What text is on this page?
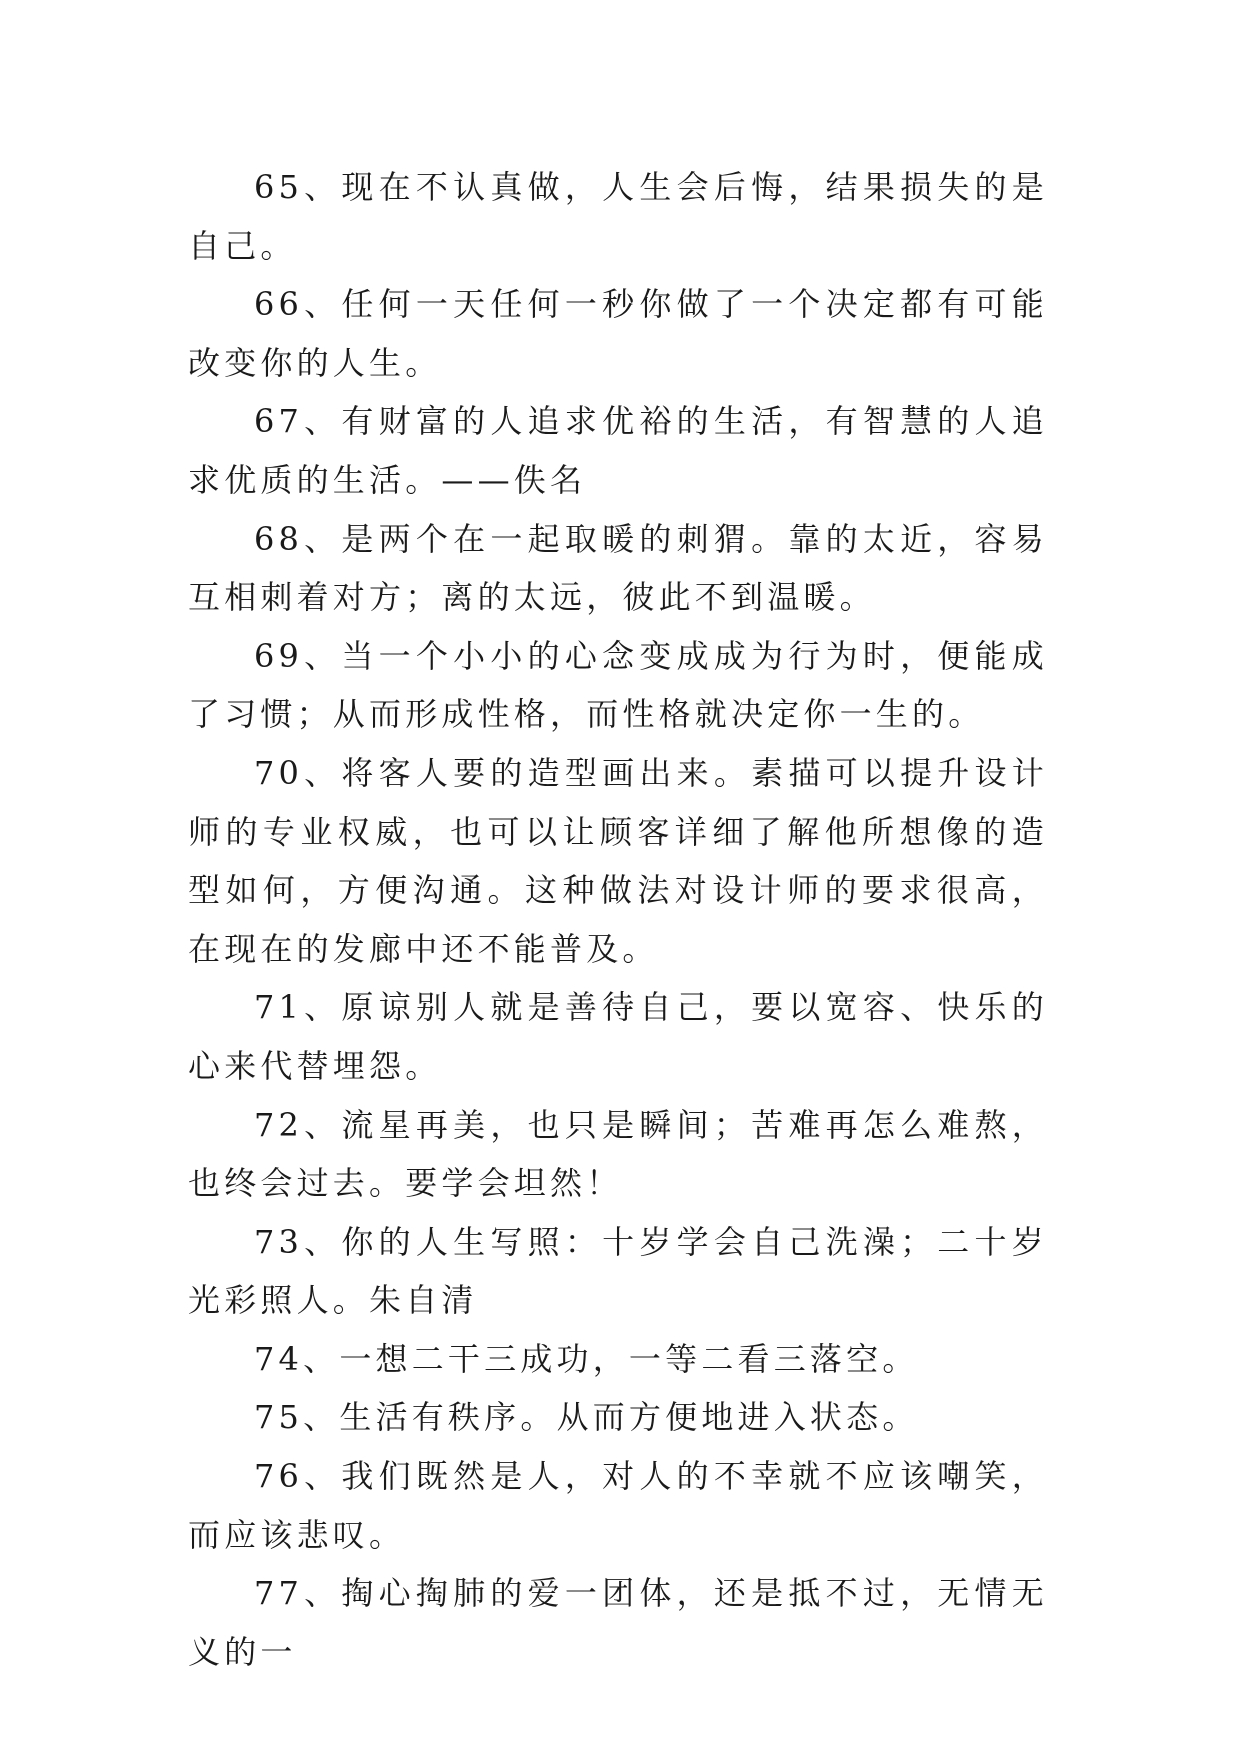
65、现在不认真做，人生会后悔，结果损失的是自己。

66、任何一天任何一秒你做了一个决定都有可能改变你的人生。

67、有财富的人追求优裕的生活，有智慧的人追求优质的生活。——佚名

68、是两个在一起取暖的刺猬。靠的太近，容易互相刺着对方；离的太远，彼此不到温暖。

69、当一个小小的心念变成成为行为时，便能成了习惯；从而形成性格，而性格就决定你一生的。

70、将客人要的造型画出来。素描可以提升设计师的专业权威，也可以让顾客详细了解他所想像的造型如何，方便沟通。这种做法对设计师的要求很高，在现在的发廊中还不能普及。

71、原谅别人就是善待自己，要以宽容、快乐的心来代替埋怨。

72、流星再美，也只是瞬间；苦难再怎么难熬，也终会过去。要学会坦然！

73、你的人生写照：十岁学会自己洗澡；二十岁光彩照人。朱自清

74、一想二干三成功，一等二看三落空。

75、生活有秩序。从而方便地进入状态。

76、我们既然是人，对人的不幸就不应该嘲笑，而应该悲叹。

77、掏心掏肺的爱一团体，还是抵不过，无情无义的一
